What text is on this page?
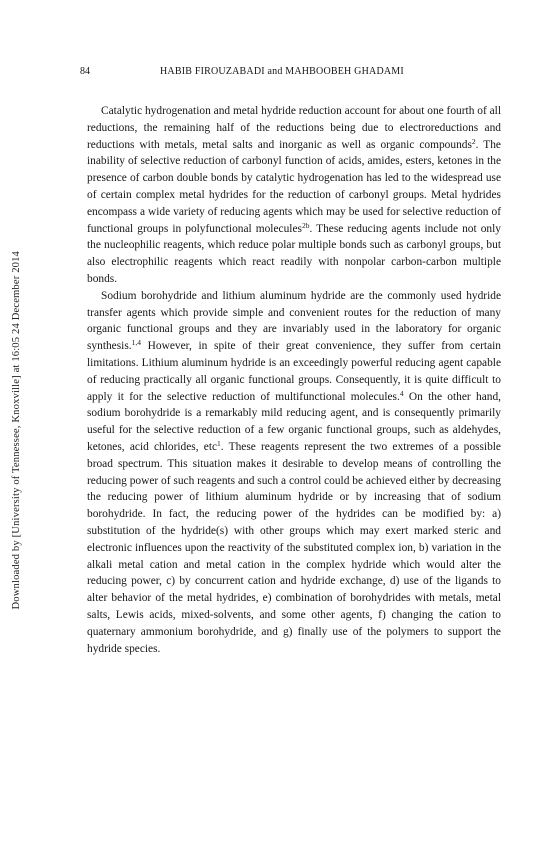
Downloaded by [University of Tennessee, Knoxville] at 16:05 24 December 2014
84	HABIB FIROUZABADI and MAHBOOBEH GHADAMI

Catalytic hydrogenation and metal hydride reduction account for about one fourth of all reductions, the remaining half of the reductions being due to electroreductions and reductions with metals, metal salts and inorganic as well as organic compounds$^2$. The inability of selective reduction of carbonyl function of acids, amides, esters, ketones in the presence of carbon double bonds by catalytic hydrogenation has led to the widespread use of certain complex metal hydrides for the reduction of carbonyl groups. Metal hydrides encompass a wide variety of reducing agents which may be used for selective reduction of functional groups in polyfunctional molecules$^{2b}$. These reducing agents include not only the nucleophilic reagents, which reduce polar multiple bonds such as carbonyl groups, but also electrophilic reagents which react readily with nonpolar carbon-carbon multiple bonds.

Sodium borohydride and lithium aluminum hydride are the commonly used hydride transfer agents which provide simple and convenient routes for the reduction of many organic functional groups and they are invariably used in the laboratory for organic synthesis.$^{1,4}$ However, in spite of their great convenience, they suffer from certain limitations. Lithium aluminum hydride is an exceedingly powerful reducing agent capable of reducing practically all organic functional groups. Consequently, it is quite difficult to apply it for the selective reduction of multifunctional molecules.$^4$ On the other hand, sodium borohydride is a remarkably mild reducing agent, and is consequently primarily useful for the selective reduction of a few organic functional groups, such as aldehydes, ketones, acid chlorides, etc$^1$. These reagents represent the two extremes of a possible broad spectrum. This situation makes it desirable to develop means of controlling the reducing power of such reagents and such a control could be achieved either by decreasing the reducing power of lithium aluminum hydride or by increasing that of sodium borohydride. In fact, the reducing power of the hydrides can be modified by: a) substitution of the hydride(s) with other groups which may exert marked steric and electronic influences upon the reactivity of the substituted complex ion, b) variation in the alkali metal cation and metal cation in the complex hydride which would alter the reducing power, c) by concurrent cation and hydride exchange, d) use of the ligands to alter behavior of the metal hydrides, e) combination of borohydrides with metals, metal salts, Lewis acids, mixed-solvents, and some other agents, f) changing the cation to quaternary ammonium borohydride, and g) finally use of the polymers to support the hydride species.
